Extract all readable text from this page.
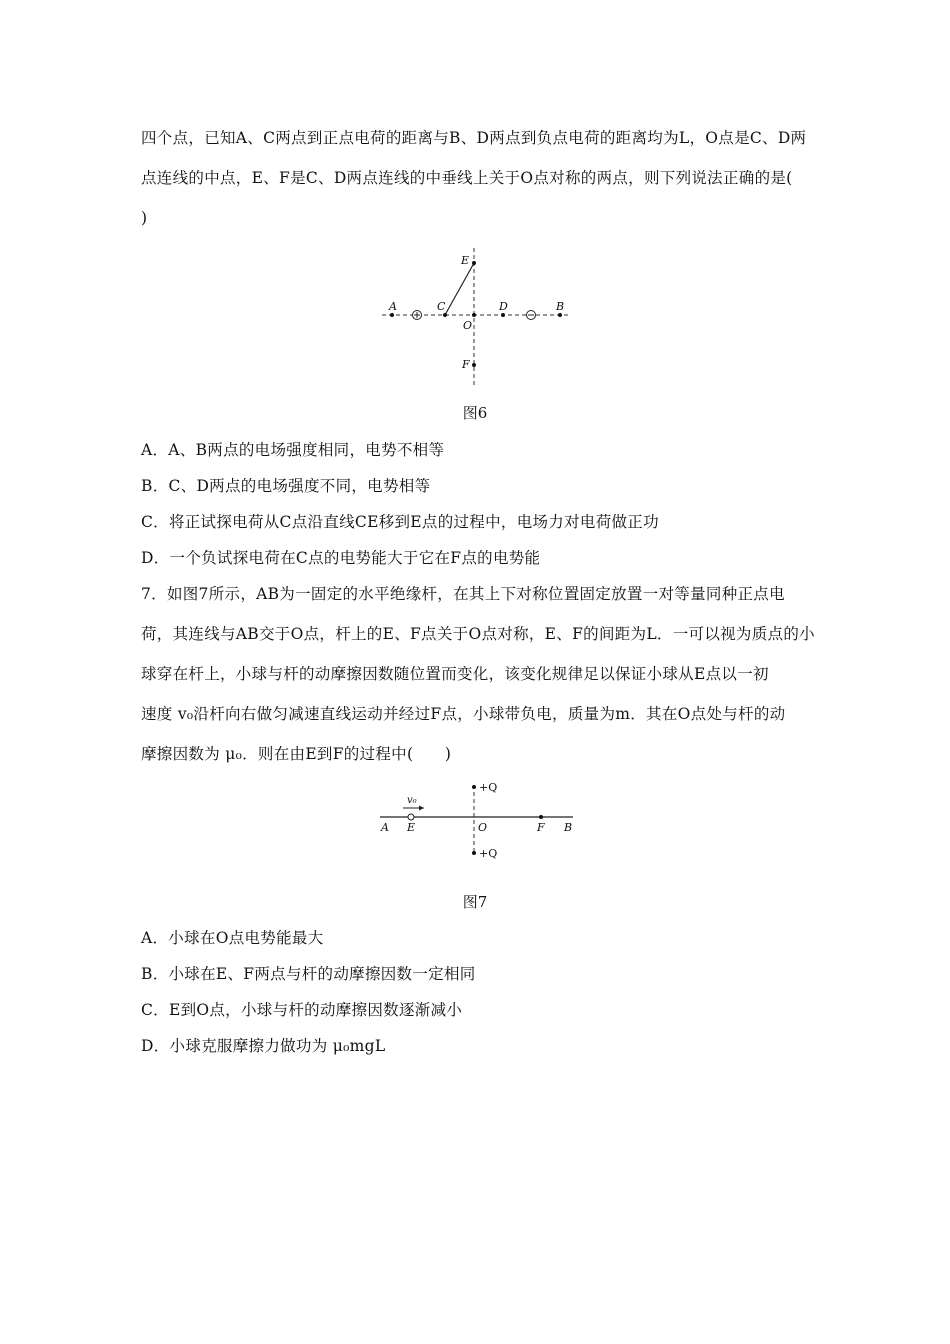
四个点，已知A、C两点到正点电荷的距离与B、D两点到负点电荷的距离均为L，O点是C、D两
点连线的中点，E、F是C、D两点连线的中垂线上关于O点对称的两点，则下列说法正确的是(
)
A	C
E
O
D	B
F
图6
A．A、B两点的电场强度相同，电势不相等
B．C、D两点的电场强度不同，电势相等
C．将正试探电荷从C点沿直线CE移到E点的过程中，电场力对电荷做正功
D．一个负试探电荷在C点的电势能大于它在F点的电势能
7．如图7所示，AB为一固定的水平绝缘杆，在其上下对称位置固定放置一对等量同种正点电
荷，其连线与AB交于O点，杆上的E、F点关于O点对称，E、F的间距为L．一可以视为质点的小
球穿在杆上，小球与杆的动摩擦因数随位置而变化，该变化规律足以保证小球从E点以一初
速度 v₀沿杆向右做匀减速直线运动并经过F点，小球带负电，质量为m．其在O点处与杆的动
摩擦因数为 μ₀．则在由E到F的过程中(　　)
v₀
+Q
+Q
A E	O	F B
图7
A．小球在O点电势能最大
B．小球在E、F两点与杆的动摩擦因数一定相同
C．E到O点，小球与杆的动摩擦因数逐渐减小
D．小球克服摩擦力做功为 μ₀mgL
